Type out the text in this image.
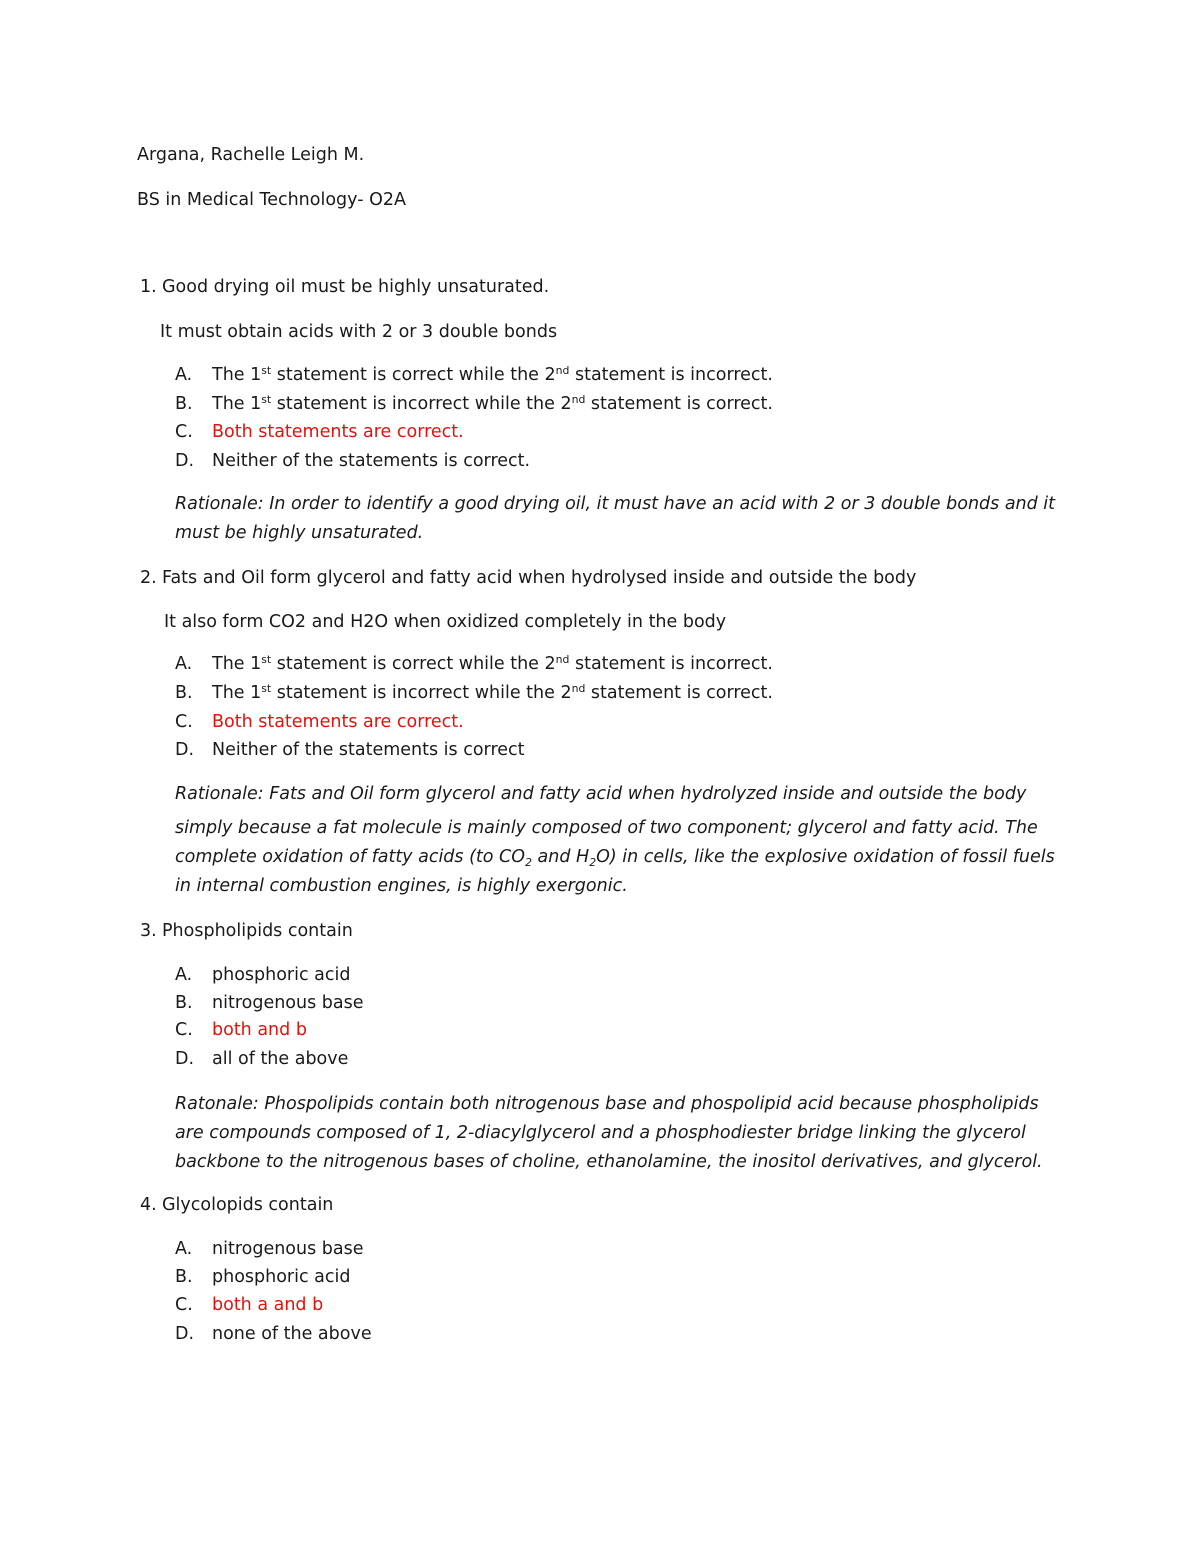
Argana, Rachelle Leigh M.
BS in Medical Technology- O2A
1. Good drying oil must be highly unsaturated.
It must obtain acids with 2 or 3 double bonds
A. The 1st statement is correct while the 2nd statement is incorrect.
B. The 1st statement is incorrect while the 2nd statement is correct.
C. Both statements are correct.
D. Neither of the statements is correct.
Rationale: In order to identify a good drying oil, it must have an acid with 2 or 3 double bonds and it
must be highly unsaturated.
2. Fats and Oil form glycerol and fatty acid when hydrolysed inside and outside the body
It also form CO2 and H2O when oxidized completely in the body
A. The 1st statement is correct while the 2nd statement is incorrect.
B. The 1st statement is incorrect while the 2nd statement is correct.
C. Both statements are correct.
D. Neither of the statements is correct
Rationale: Fats and Oil form glycerol and fatty acid when hydrolyzed inside and outside the body
simply because a fat molecule is mainly composed of two component; glycerol and fatty acid. The
complete oxidation of fatty acids (to $CO_2$ and $H_2O$) in cells, like the explosive oxidation of fossil fuels
in internal combustion engines, is highly exergonic.
3. Phospholipids contain
A. phosphoric acid
B. nitrogenous base
C. both and b
D. all of the above
Ratonale: Phospolipids contain both nitrogenous base and phospolipid acid because phospholipids
are compounds composed of 1, 2-diacylglycerol and a phosphodiester bridge linking the glycerol
backbone to the nitrogenous bases of choline, ethanolamine, the inositol derivatives, and glycerol.
4. Glycolopids contain
A. nitrogenous base
B. phosphoric acid
C. both a and b
D. none of the above
